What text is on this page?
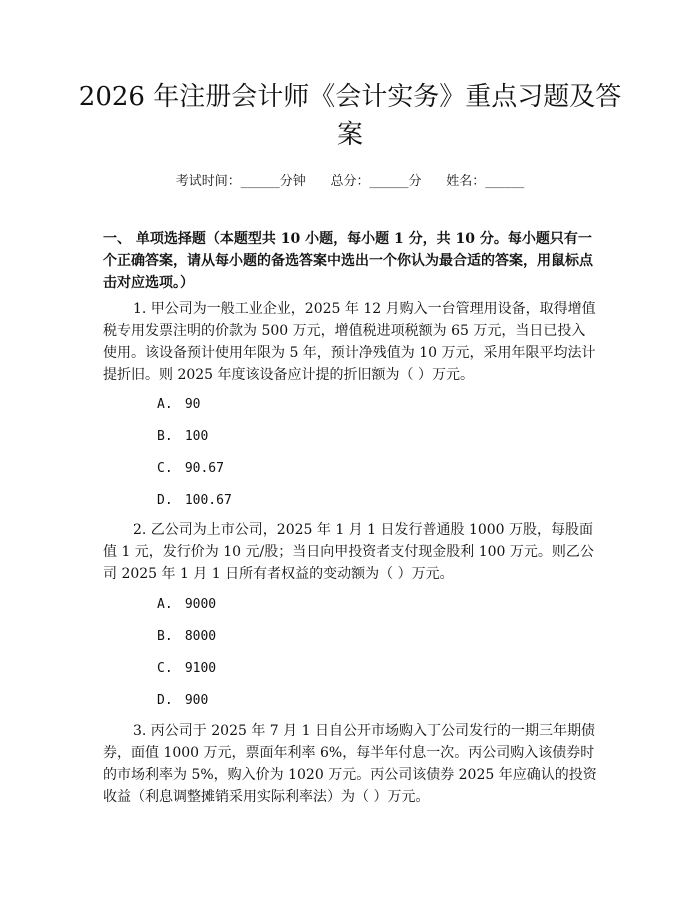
2026 年注册会计师《会计实务》重点习题及答案
考试时间：______分钟      总分：______分      姓名：______

一、 单项选择题（本题型共 10 小题，每小题 1 分，共 10 分。每小题只有一个正确答案，请从每小题的备选答案中选出一个你认为最合适的答案，用鼠标点击对应选项。）

1. 甲公司为一般工业企业，2025 年 12 月购入一台管理用设备，取得增值税专用发票注明的价款为 500 万元，增值税进项税额为 65 万元，当日已投入使用。该设备预计使用年限为 5 年，预计净残值为 10 万元，采用年限平均法计提折旧。则 2025 年度该设备应计提的折旧额为（ ）万元。

A. 90
B. 100
C. 90.67
D. 100.67

2. 乙公司为上市公司，2025 年 1 月 1 日发行普通股 1000 万股，每股面值 1 元，发行价为 10 元/股；当日向甲投资者支付现金股利 100 万元。则乙公司 2025 年 1 月 1 日所有者权益的变动额为（ ）万元。

A. 9000
B. 8000
C. 9100
D. 900

3. 丙公司于 2025 年 7 月 1 日自公开市场购入丁公司发行的一期三年期债券，面值 1000 万元，票面年利率 6%，每半年付息一次。丙公司购入该债券时的市场利率为 5%，购入价为 1020 万元。丙公司该债券 2025 年应确认的投资收益（利息调整摊销采用实际利率法）为（ ）万元。
